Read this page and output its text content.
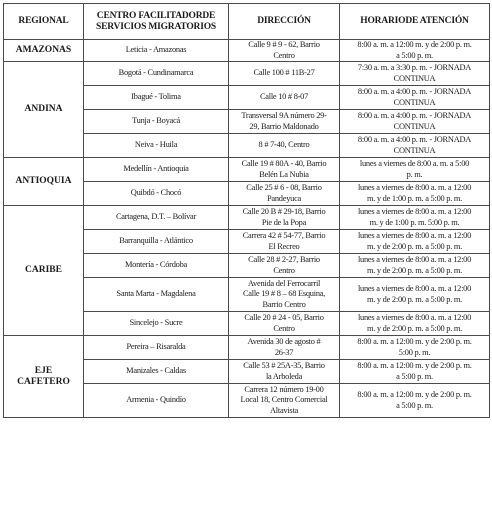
REGIONAL	CENTRO FACILITADORDE SERVICIOS MIGRATORIOS	DIRECCIÓN	HORARIODE ATENCIÓN

AMAZONAS	Leticia - Amazonas	Calle 9 # 9 - 62, Barrio
Centro	8:00 a. m. a 12:00 m. y de 2:00 p. m.
a 5:00 p. m.

ANDINA	Bogotá - Cundinamarca	Calle 100 # 11B-27	7:30 a. m. a 3:30 p. m. - JORNADA
CONTINUA

	Ibagué - Tolima	Calle 10 # 8-07	8:00 a. m. a 4:00 p. m. - JORNADA
CONTINUA

	Tunja - Boyacá	Transversal 9A número 29-
29, Barrio Maldonado	8:00 a. m. a 4:00 p. m. - JORNADA
CONTINUA

	Neiva - Huila	8 # 7-40, Centro	8:00 a. m. a 4:00 p. m. - JORNADA
CONTINUA

ANTIOQUIA	Medellín - Antioquia	Calle 19 # 80A - 40, Barrio
Belén La Nubia	lunes a viernes de 8:00 a. m. a 5:00
p. m.

	Quibdó - Chocó	Calle 25 # 6 - 08, Barrio
Pandeyuca	lunes a viernes de 8:00 a. m. a 12:00
m. y de 1:00 p. m. a 5:00 p. m.

CARIBE	Cartagena, D.T. – Bolívar	Calle 20 B # 29-18, Barrio
Pie de la Popa	lunes a viernes de 8:00 a. m. a 12:00
m. y de 1:00 p. m. 5:00 p. m.

	Barranquilla - Atlántico	Carrera 42 # 54-77, Barrio
El Recreo	lunes a viernes de 8:00 a. m. a 12:00
m. y de 2:00 p. m. a 5:00 p. m.

	Montería - Córdoba	Calle 28 # 2-27, Barrio
Centro	lunes a viernes de 8:00 a. m. a 12:00
m. y de 2:00 p. m. a 5:00 p. m.

	Santa Marta - Magdalena	Avenida del Ferrocarril
Calle 19 # 8 – 68 Esquina,
Barrio Centro	lunes a viernes de 8:00 a. m. a 12:00
m. y de 2:00 p. m. a 5:00 p. m.

	Sincelejo - Sucre	Calle 20 # 24 - 05, Barrio
Centro	lunes a viernes de 8:00 a. m. a 12:00
m. y de 2:00 p. m. a 5:00 p. m.

EJE
CAFETERO	Pereira – Risaralda	Avenida 30 de agosto #
26-37	8:00 a. m. a 12:00 m. y de 2:00 p. m.
5:00 p. m.

	Manizales - Caldas	Calle 53 # 25A-35, Barrio
la Arboleda	8:00 a. m. a 12:00 m. y de 2:00 p. m.
a 5:00 p. m.

	Armenia - Quindío	Carrera 12 número 19-00
Local 18, Centro Comercial
Altavista	8:00 a. m. a 12:00 m. y de 2:00 p. m.
a 5:00 p. m.
